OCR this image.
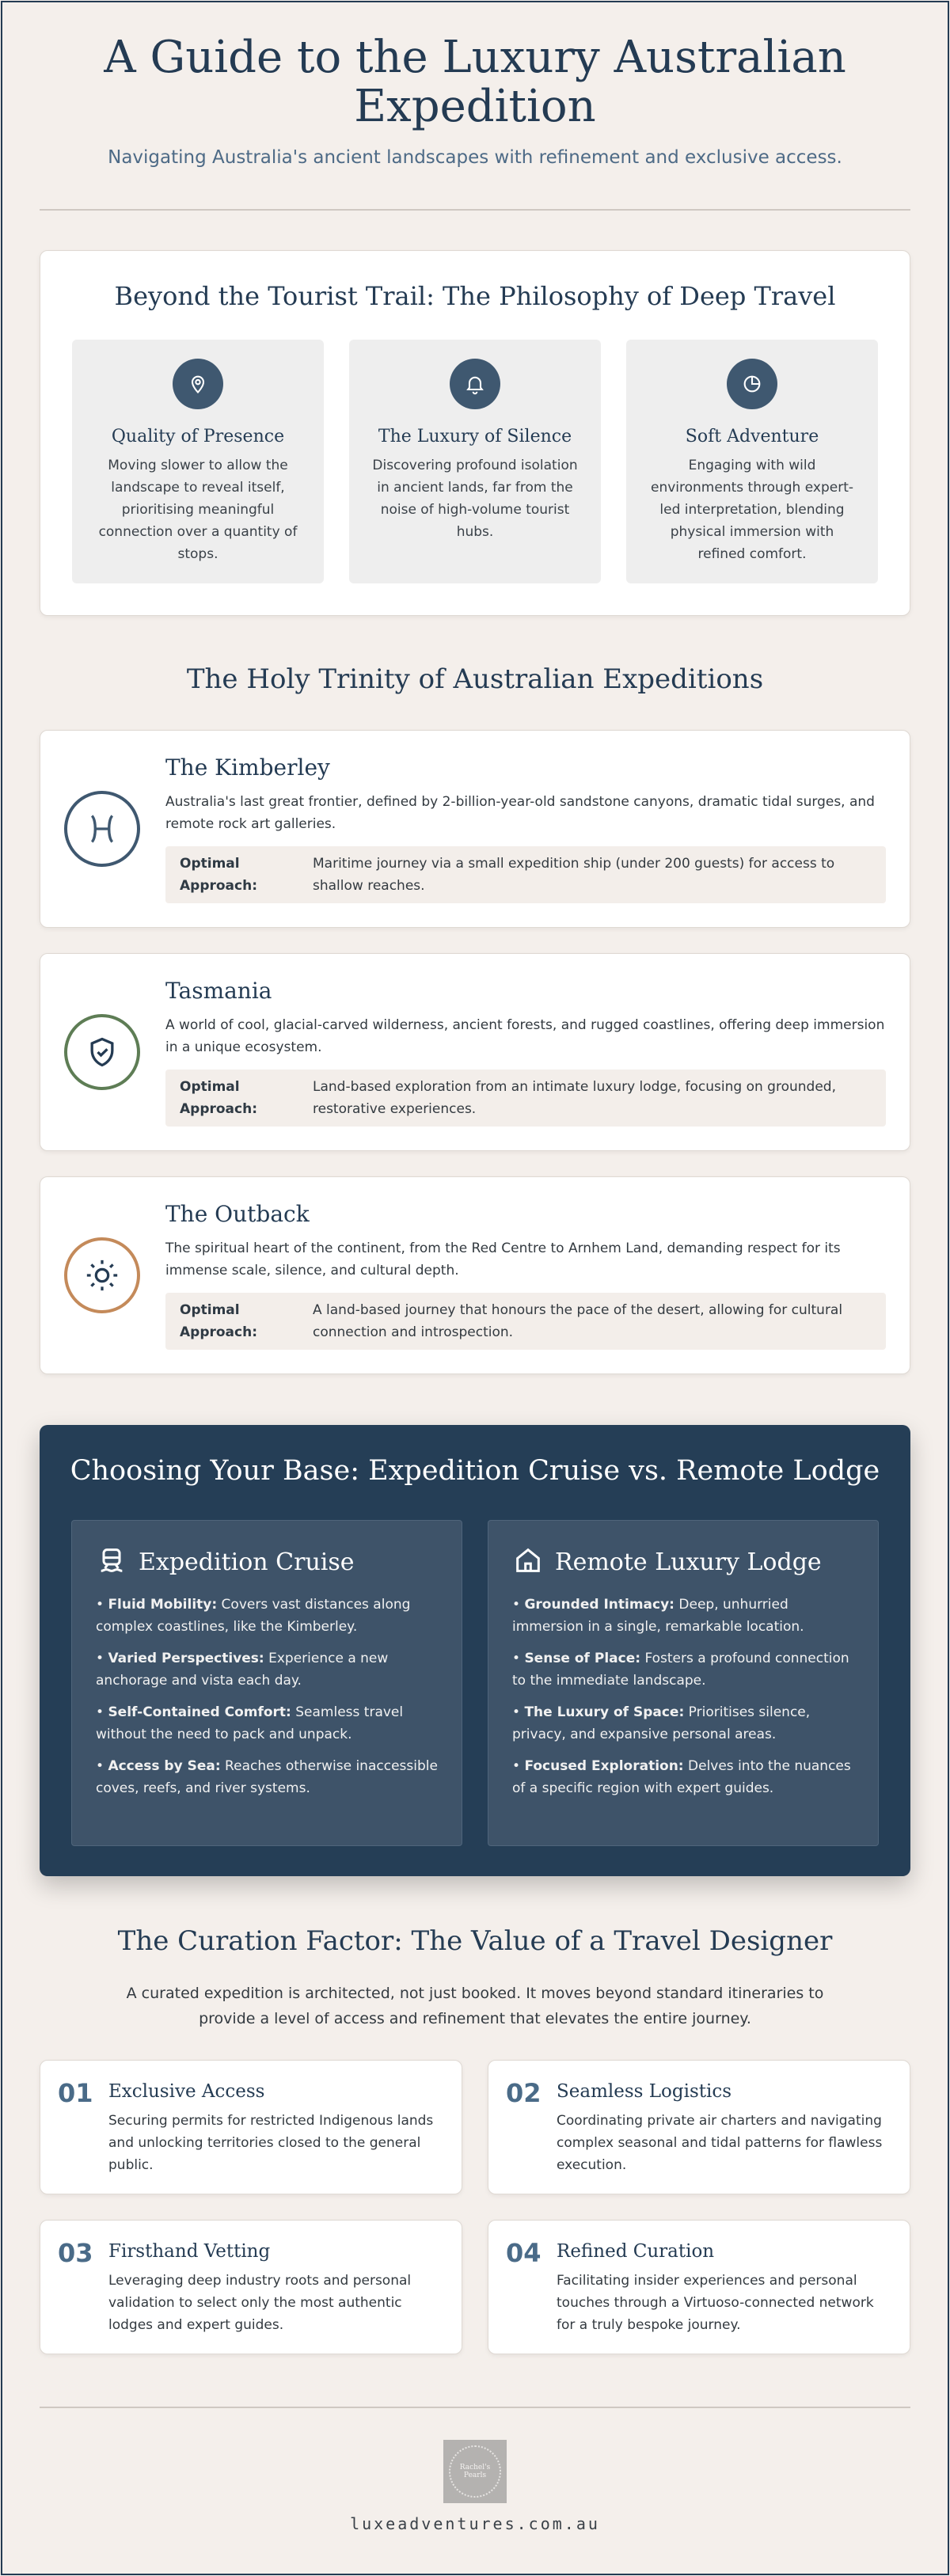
A Guide to the Luxury Australian Expedition

Navigating Australia's ancient landscapes with refinement and exclusive access.

Beyond the Tourist Trail: The Philosophy of Deep Travel
Quality of Presence

Moving slower to allow the landscape to reveal itself, prioritising meaningful connection over a quantity of stops.

The Luxury of Silence

Discovering profound isolation in ancient lands, far from the noise of high-volume tourist hubs.

Soft Adventure

Engaging with wild environments through expert-led interpretation, blending physical immersion with refined comfort.

The Holy Trinity of Australian Expeditions
The Kimberley

Australia's last great frontier, defined by 2-billion-year-old sandstone canyons, dramatic tidal surges, and remote rock art galleries.

Optimal Approach:
Maritime journey via a small expedition ship (under 200 guests) for access to shallow reaches.
Tasmania

A world of cool, glacial-carved wilderness, ancient forests, and rugged coastlines, offering deep immersion in a unique ecosystem.

Optimal Approach:
Land-based exploration from an intimate luxury lodge, focusing on grounded, restorative experiences.
The Outback

The spiritual heart of the continent, from the Red Centre to Arnhem Land, demanding respect for its immense scale, silence, and cultural depth.

Optimal Approach:
A land-based journey that honours the pace of the desert, allowing for cultural connection and introspection.
Choosing Your Base: Expedition Cruise vs. Remote Lodge
Expedition Cruise
• Fluid Mobility: Covers vast distances along complex coastlines, like the Kimberley.
• Varied Perspectives: Experience a new anchorage and vista each day.
• Self-Contained Comfort: Seamless travel without the need to pack and unpack.
• Access by Sea: Reaches otherwise inaccessible coves, reefs, and river systems.
Remote Luxury Lodge
• Grounded Intimacy: Deep, unhurried immersion in a single, remarkable location.
• Sense of Place: Fosters a profound connection to the immediate landscape.
• The Luxury of Space: Prioritises silence, privacy, and expansive personal areas.
• Focused Exploration: Delves into the nuances of a specific region with expert guides.
The Curation Factor: The Value of a Travel Designer

A curated expedition is architected, not just booked. It moves beyond standard itineraries to provide a level of access and refinement that elevates the entire journey.

01 Exclusive Access

Securing permits for restricted Indigenous lands and unlocking territories closed to the general public.

02 Seamless Logistics

Coordinating private air charters and navigating complex seasonal and tidal patterns for flawless execution.

03 Firsthand Vetting

Leveraging deep industry roots and personal validation to select only the most authentic lodges and expert guides.

04 Refined Curation

Facilitating insider experiences and personal touches through a Virtuoso-connected network for a truly bespoke journey.

Rachel's Pearls
luxeadventures.com.au
